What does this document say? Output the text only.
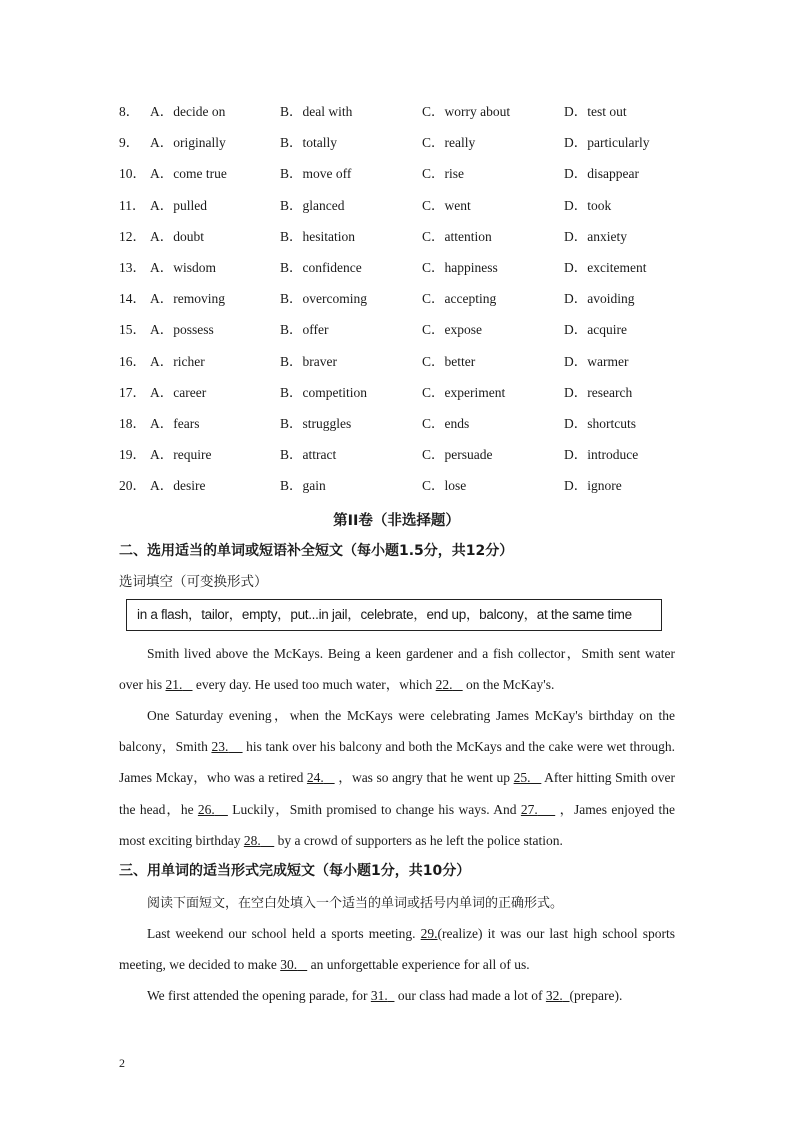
8． A．decide on	B．deal with	C．worry about	D．test out
9． A．originally	B．totally	C．really	D．particularly
10． A．come true	B．move off	C．rise	D．disappear
11． A．pulled	B．glanced	C．went	D．took
12． A．doubt	B．hesitation	C．attention	D．anxiety
13． A．wisdom	B．confidence	C．happiness	D．excitement
14． A．removing	B．overcoming	C．accepting	D．avoiding
15． A．possess	B．offer	C．expose	D．acquire
16． A．richer	B．braver	C．better	D．warmer
17． A．career	B．competition	C．experiment	D．research
18． A．fears	B．struggles	C．ends	D．shortcuts
19． A．require	B．attract	C．persuade	D．introduce
20． A．desire	B．gain	C．lose	D．ignore
第II卷（非选择题）
二、选用适当的单词或短语补全短文（每小题1.5分，共12分）
选词填空（可变换形式）
in a flash，tailor，empty，put...in jail，celebrate，end up，balcony，at the same time
Smith lived above the McKays. Being a keen gardener and a fish collector，Smith sent water over his 21.    every day. He used too much water，which 22.    on the McKay's.
One Saturday evening，when the McKays were celebrating James McKay's birthday on the balcony，Smith 23.     his tank over his balcony and both the McKays and the cake were wet through. James Mckay，who was a retired 24.    ，was so angry that he went up 25.    After hitting Smith over the head，he 26.    Luckily，Smith promised to change his ways. And 27.     ，James enjoyed the most exciting birthday 28.     by a crowd of supporters as he left the police station.
三、用单词的适当形式完成短文（每小题1分，共10分）
阅读下面短文，在空白处填入一个适当的单词或括号内单词的正确形式。
Last weekend our school held a sports meeting. 29.(realize) it was our last high school sports meeting, we decided to make 30.    an unforgettable experience for all of us.
We first attended the opening parade, for 31.   our class had made a lot of 32. (prepare).
2
